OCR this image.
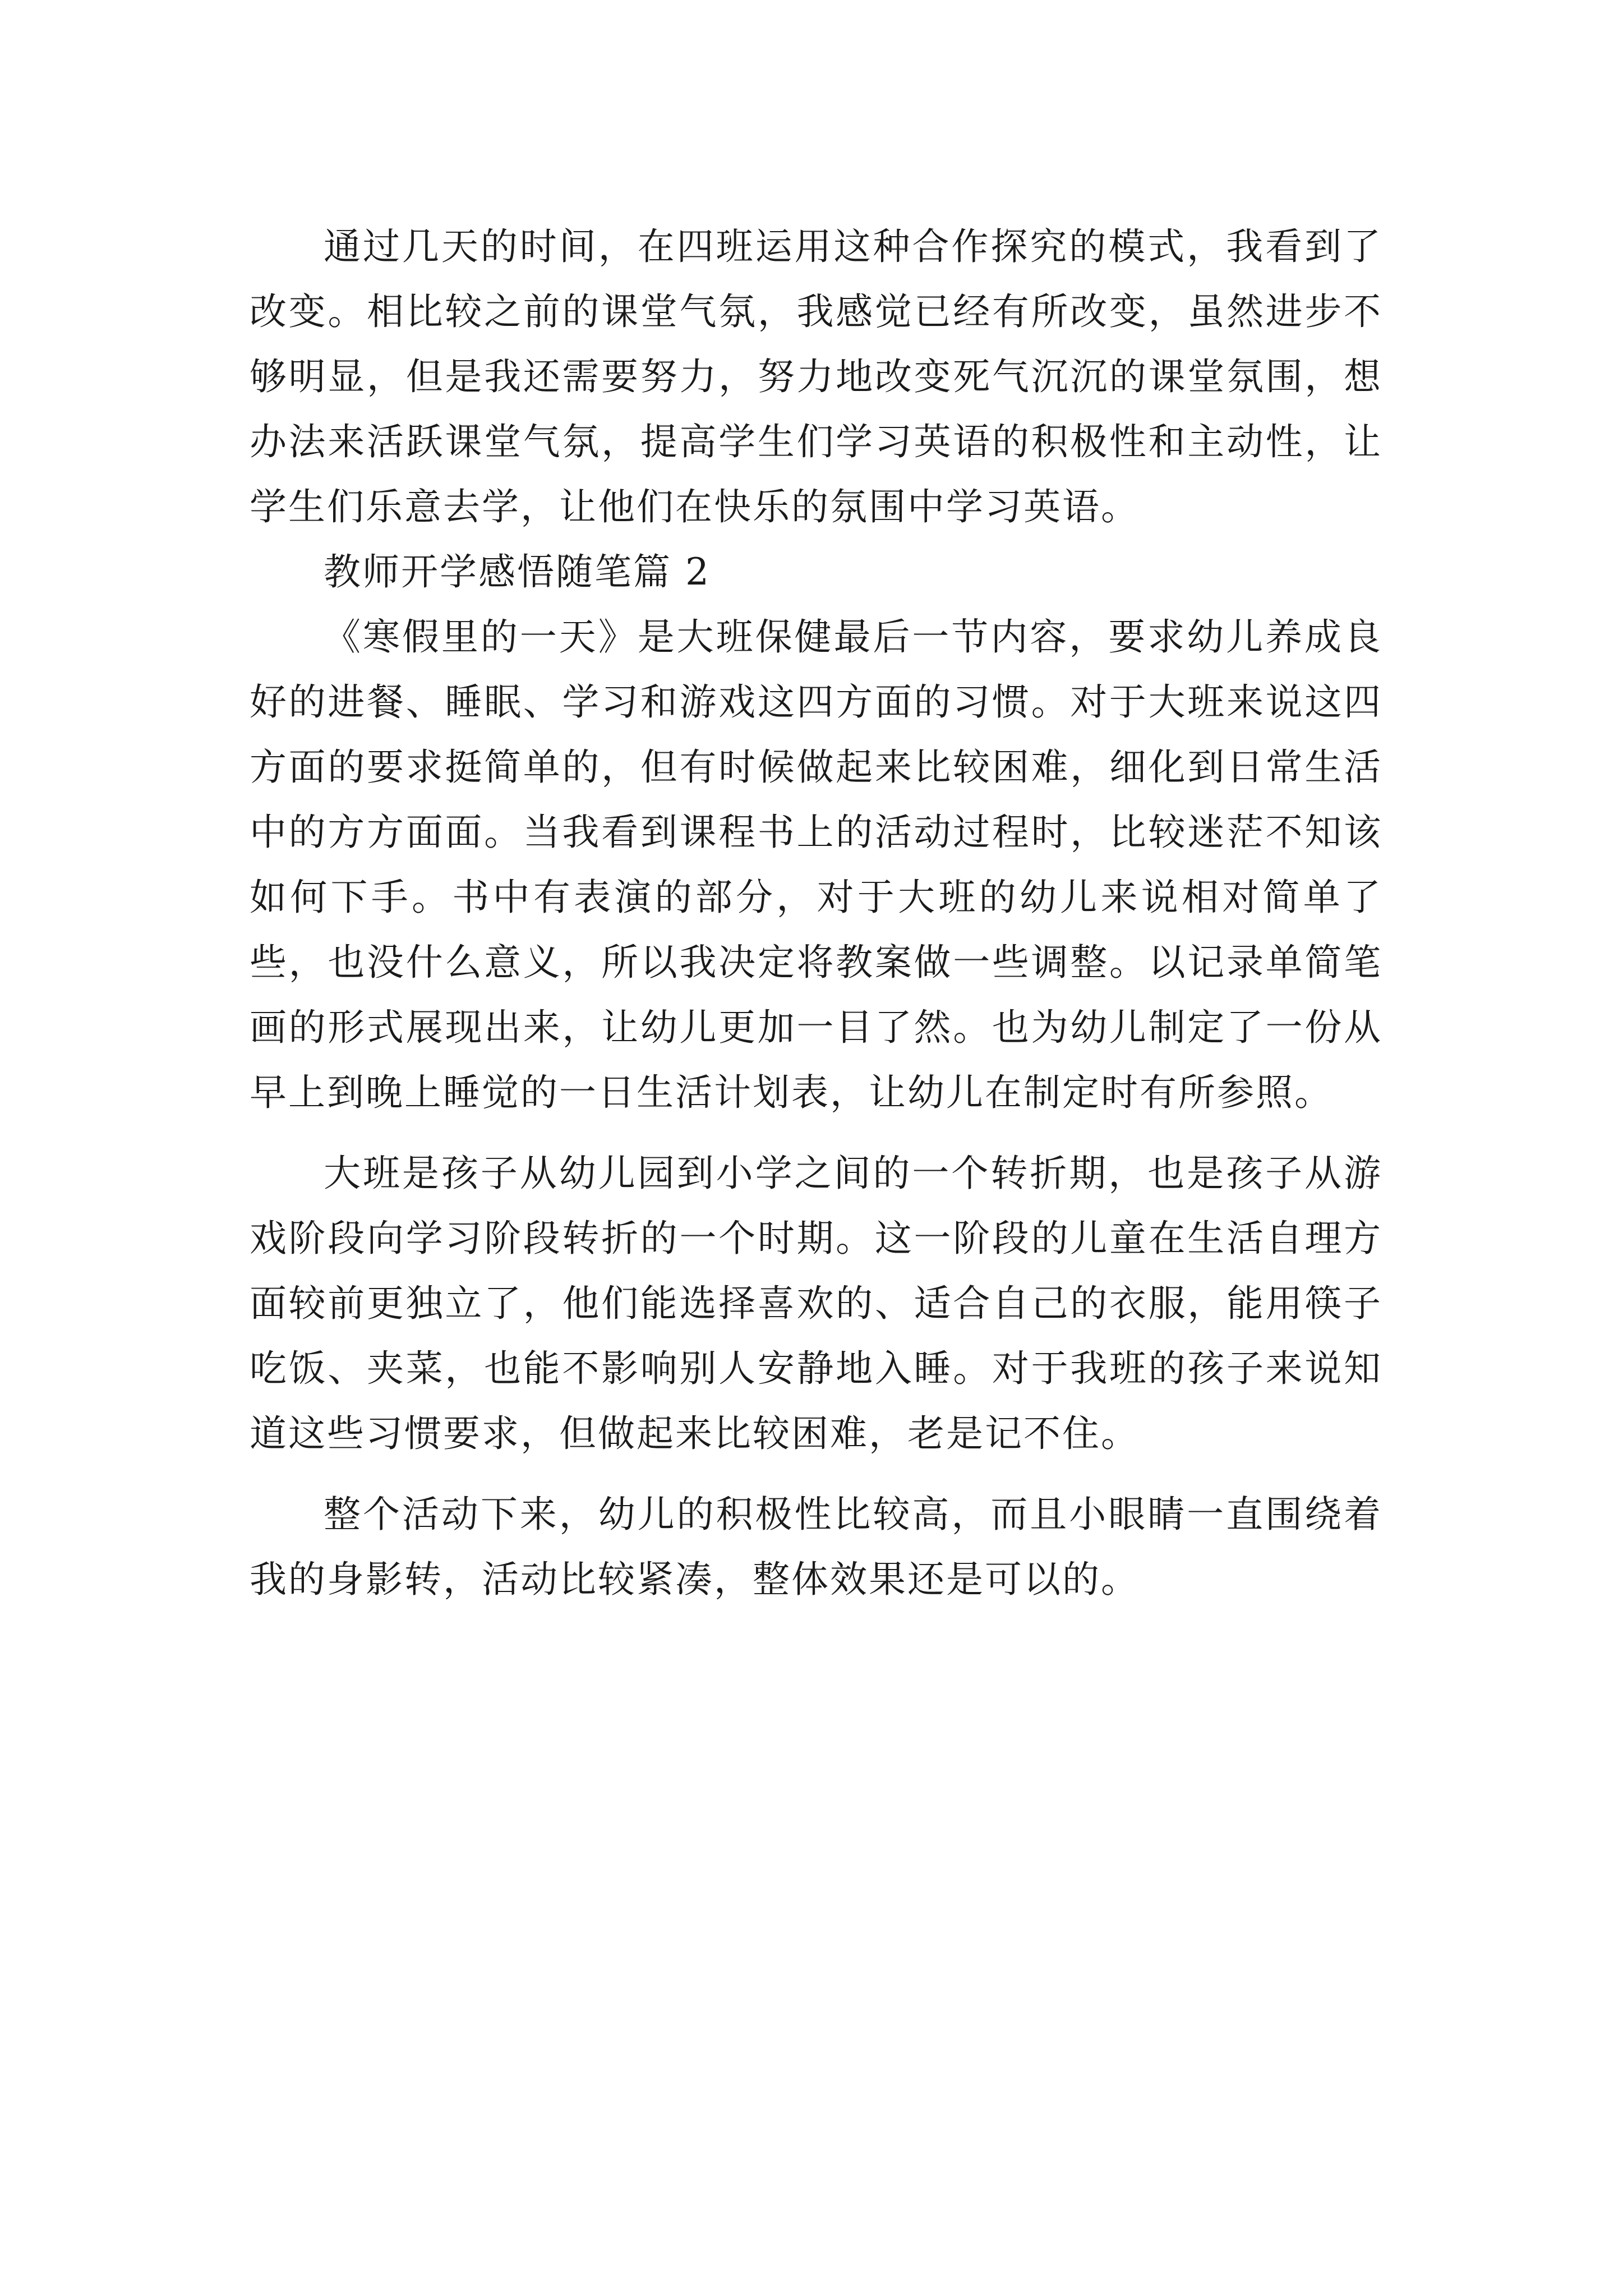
通过几天的时间，在四班运用这种合作探究的模式，我看到了改变。相比较之前的课堂气氛，我感觉已经有所改变，虽然进步不够明显，但是我还需要努力，努力地改变死气沉沉的课堂氛围，想办法来活跃课堂气氛，提高学生们学习英语的积极性和主动性，让学生们乐意去学，让他们在快乐的氛围中学习英语。

教师开学感悟随笔篇 2

《寒假里的一天》是大班保健最后一节内容，要求幼儿养成良好的进餐、睡眠、学习和游戏这四方面的习惯。对于大班来说这四方面的要求挺简单的，但有时候做起来比较困难，细化到日常生活中的方方面面。当我看到课程书上的活动过程时，比较迷茫不知该如何下手。书中有表演的部分，对于大班的幼儿来说相对简单了些，也没什么意义，所以我决定将教案做一些调整。以记录单简笔画的形式展现出来，让幼儿更加一目了然。也为幼儿制定了一份从早上到晚上睡觉的一日生活计划表，让幼儿在制定时有所参照。

大班是孩子从幼儿园到小学之间的一个转折期，也是孩子从游戏阶段向学习阶段转折的一个时期。这一阶段的儿童在生活自理方面较前更独立了，他们能选择喜欢的、适合自己的衣服，能用筷子吃饭、夹菜，也能不影响别人安静地入睡。对于我班的孩子来说知道这些习惯要求，但做起来比较困难，老是记不住。

整个活动下来，幼儿的积极性比较高，而且小眼睛一直围绕着我的身影转，活动比较紧凑，整体效果还是可以的。
